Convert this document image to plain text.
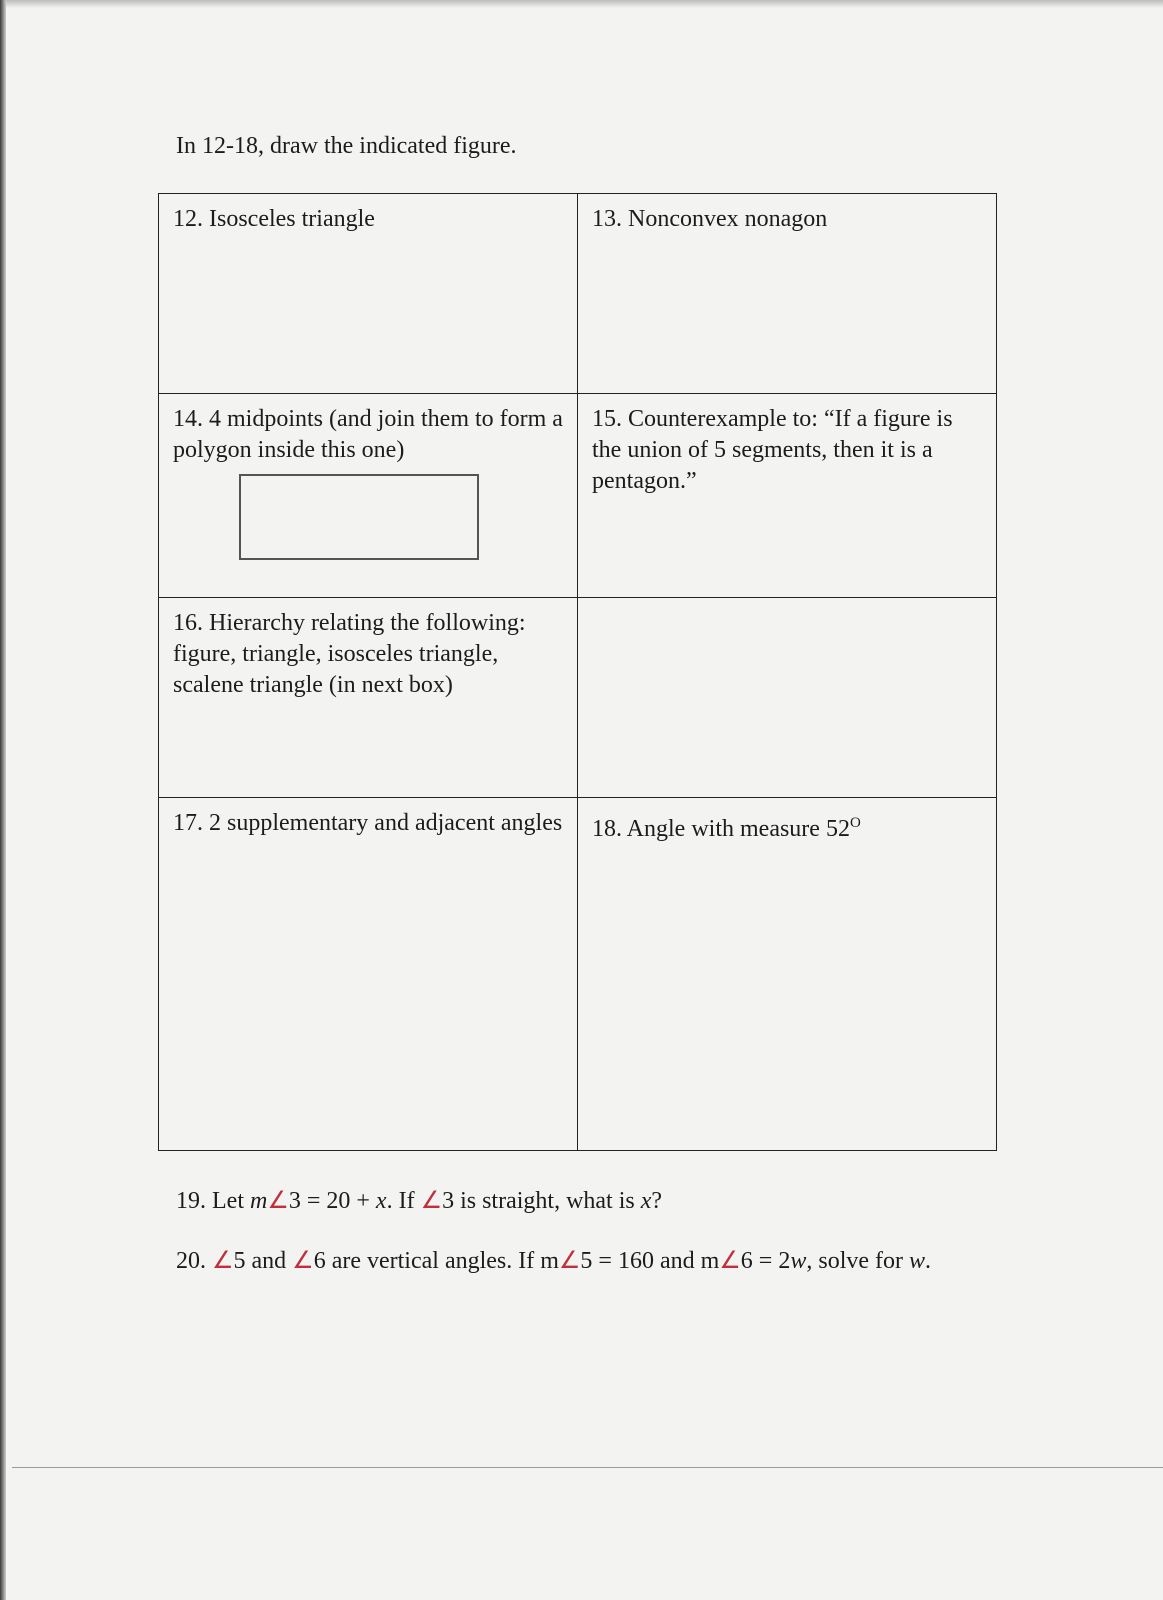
In 12-18, draw the indicated figure.
12. Isosceles triangle	13. Nonconvex nonagon
14. 4 midpoints (and join them to form a polygon inside this one)
15. Counterexample to: “If a figure is the union of 5 segments, then it is a pentagon.”
16. Hierarchy relating the following: figure, triangle, isosceles triangle, scalene triangle (in next box)
17. 2 supplementary and adjacent angles	18. Angle with measure $52^O$
19. Let m∠3 = 20 + x. If ∠3 is straight, what is x?
20. ∠5 and ∠6 are vertical angles. If m∠5 = 160 and m∠6 = 2w, solve for w.
